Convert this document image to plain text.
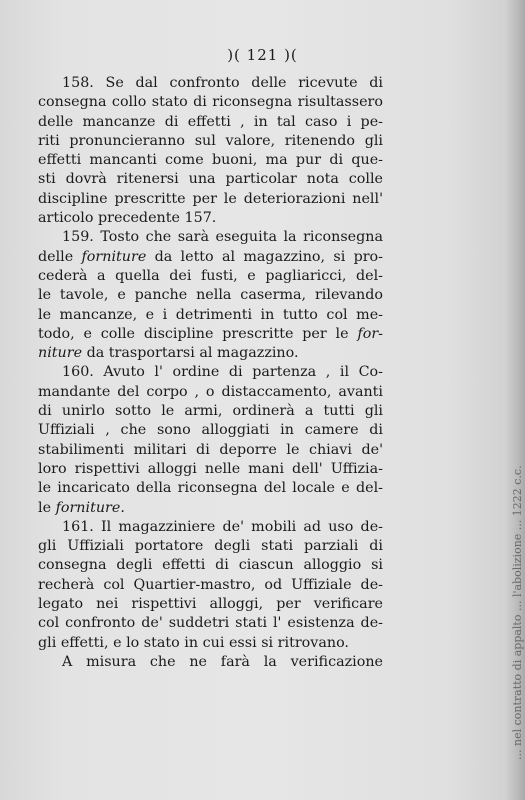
)( 121 )(
158. Se dal confronto delle ricevute di
consegna collo stato di riconsegna risultassero
delle mancanze di effetti , in tal caso i pe-
riti pronuncieranno sul valore, ritenendo gli
effetti mancanti come buoni, ma pur di que-
sti dovrà ritenersi una particolar nota colle
discipline prescritte per le deteriorazioni nell'
articolo precedente 157.
159. Tosto che sarà eseguita la riconsegna
delle forniture da letto al magazzino, si pro-
cederà a quella dei fusti, e pagliaricci, del-
le tavole, e panche nella caserma, rilevando
le mancanze, e i detrimenti in tutto col me-
todo, e colle discipline prescritte per le for-
niture da trasportarsi al magazzino.
160. Avuto l' ordine di partenza , il Co-
mandante del corpo , o distaccamento, avanti
di unirlo sotto le armi, ordinerà a tutti gli
Uffiziali , che sono alloggiati in camere di
stabilimenti militari di deporre le chiavi de'
loro rispettivi alloggi nelle mani dell' Uffizia-
le incaricato della riconsegna del locale e del-
le forniture.
161. Il magazziniere de' mobili ad uso de-
gli Uffiziali portatore degli stati parziali di
consegna degli effetti di ciascun alloggio si
recherà col Quartier-mastro, od Uffiziale de-
legato nei rispettivi alloggi, per verificare
col confronto de' suddetri stati l' esistenza de-
gli effetti, e lo stato in cui essi si ritrovano.
A misura che ne farà la verificazione	... nel contratto di appalto ... l'abolizione ... 1222 c.c.
